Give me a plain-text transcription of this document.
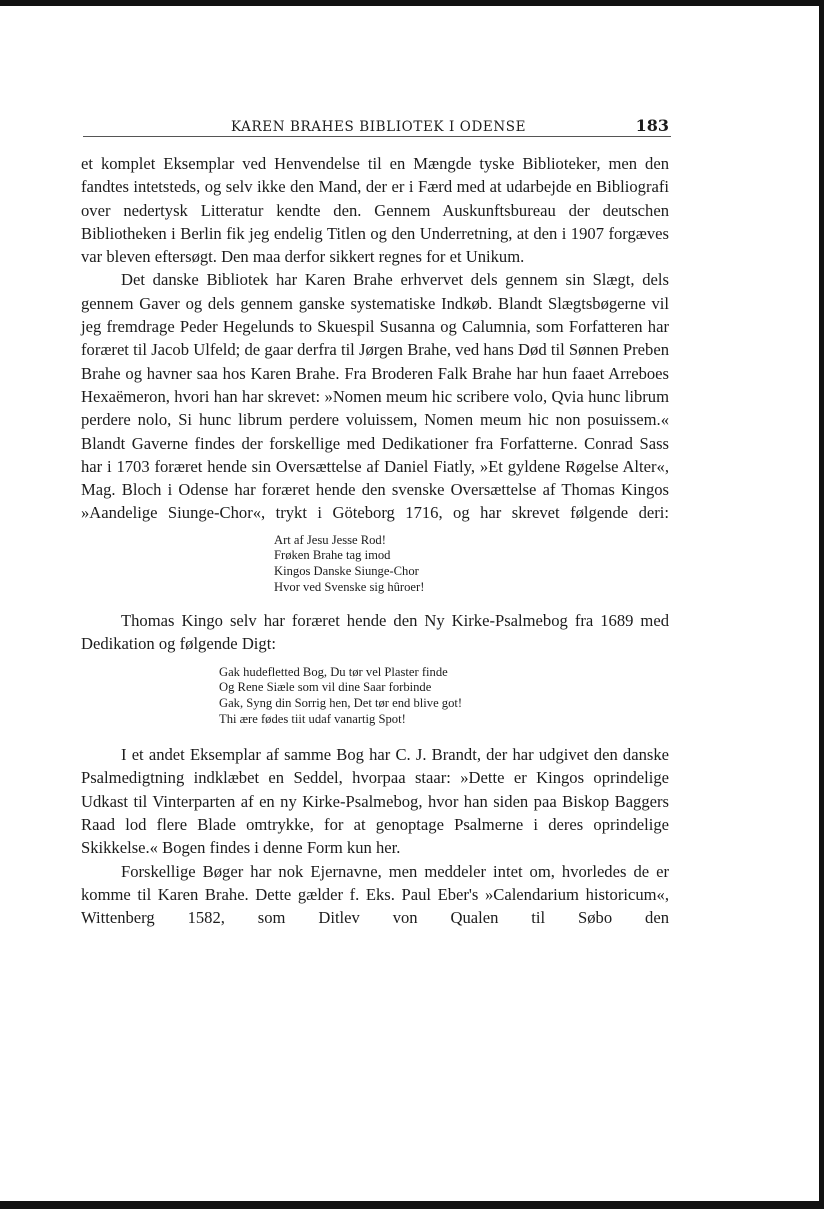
KAREN BRAHES BIBLIOTEK I ODENSE	183

et komplet Eksemplar ved Henvendelse til en Mængde tyske Biblioteker, men den fandtes intetsteds, og selv ikke den Mand, der er i Færd med at udarbejde en Bibliografi over nedertysk Litteratur kendte den. Gennem Auskunftsbureau der deutschen Bibliotheken i Berlin fik jeg endelig Titlen og den Underretning, at den i 1907 forgæves var bleven eftersøgt. Den maa derfor sikkert regnes for et Unikum.

Det danske Bibliotek har Karen Brahe erhvervet dels gennem sin Slægt, dels gennem Gaver og dels gennem ganske systematiske Indkøb. Blandt Slægtsbøgerne vil jeg fremdrage Peder Hegelunds to Skuespil Susanna og Calumnia, som Forfatteren har foræret til Jacob Ulfeld; de gaar derfra til Jørgen Brahe, ved hans Død til Sønnen Preben Brahe og havner saa hos Karen Brahe. Fra Broderen Falk Brahe har hun faaet Arreboes Hexaëmeron, hvori han har skrevet: »Nomen meum hic scribere volo, Qvia hunc librum perdere nolo, Si hunc librum perdere voluissem, Nomen meum hic non posuissem.« Blandt Gaverne findes der forskellige med Dedikationer fra Forfatterne. Conrad Sass har i 1703 foræret hende sin Oversættelse af Daniel Fiatly, »Et gyldene Røgelse Alter«, Mag. Bloch i Odense har foræret hende den svenske Oversættelse af Thomas Kingos »Aandelige Siunge-Chor«, trykt i Göteborg 1716, og har skrevet følgende deri:

Art af Jesu Jesse Rod!
Frøken Brahe tag imod
Kingos Danske Siunge-Chor
Hvor ved Svenske sig hûroer!

Thomas Kingo selv har foræret hende den Ny Kirke-Psalmebog fra 1689 med Dedikation og følgende Digt:

Gak hudefletted Bog, Du tør vel Plaster finde
Og Rene Siæle som vil dine Saar forbinde
Gak, Syng din Sorrig hen, Det tør end blive got!
Thi ære fødes tiit udaf vanartig Spot!

I et andet Eksemplar af samme Bog har C. J. Brandt, der har udgivet den danske Psalmedigtning indklæbet en Seddel, hvorpaa staar: »Dette er Kingos oprindelige Udkast til Vinterparten af en ny Kirke-Psalmebog, hvor han siden paa Biskop Baggers Raad lod flere Blade omtrykke, for at genoptage Psalmerne i deres oprindelige Skikkelse.« Bogen findes i denne Form kun her.

Forskellige Bøger har nok Ejernavne, men meddeler intet om, hvorledes de er komme til Karen Brahe. Dette gælder f. Eks. Paul Eber's »Calendarium historicum«, Wittenberg 1582, som Ditlev von Qualen til Søbo den
